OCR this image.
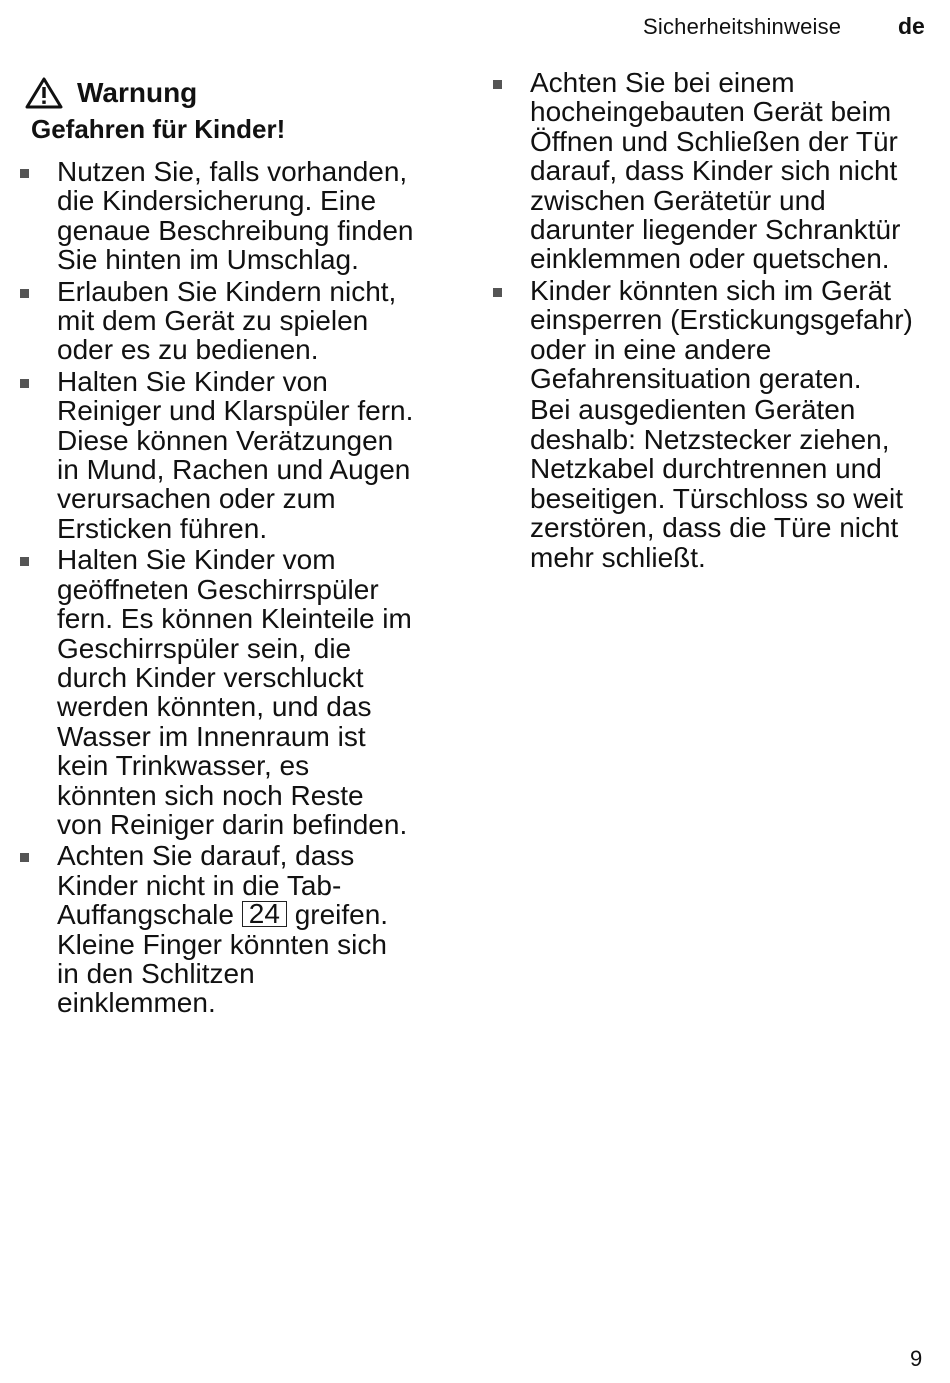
Sicherheitshinweise de
Warnung
Gefahren für Kinder!
Nutzen Sie, falls vorhanden, die Kindersicherung. Eine genaue Beschreibung finden Sie hinten im Umschlag.
Erlauben Sie Kindern nicht, mit dem Gerät zu spielen oder es zu bedienen.
Halten Sie Kinder von Reiniger und Klarspüler fern. Diese können Verätzungen in Mund, Rachen und Augen verursachen oder zum Ersticken führen.
Halten Sie Kinder vom geöffneten Geschirrspüler fern. Es können Kleinteile im Geschirrspüler sein, die durch Kinder verschluckt werden könnten, und das Wasser im Innenraum ist kein Trinkwasser, es könnten sich noch Reste von Reiniger darin befinden.
Achten Sie darauf, dass Kinder nicht in die Tab-Auffangschale 24 greifen. Kleine Finger könnten sich in den Schlitzen einklemmen.
Achten Sie bei einem hocheingebauten Gerät beim Öffnen und Schließen der Tür darauf, dass Kinder sich nicht zwischen Gerätetür und darunter liegender Schranktür einklemmen oder quetschen.
Kinder könnten sich im Gerät einsperren (Erstickungsgefahr) oder in eine andere Gefahrensituation geraten.
Bei ausgedienten Geräten deshalb: Netzstecker ziehen, Netzkabel durchtrennen und beseitigen. Türschloss so weit zerstören, dass die Türe nicht mehr schließt.
9
